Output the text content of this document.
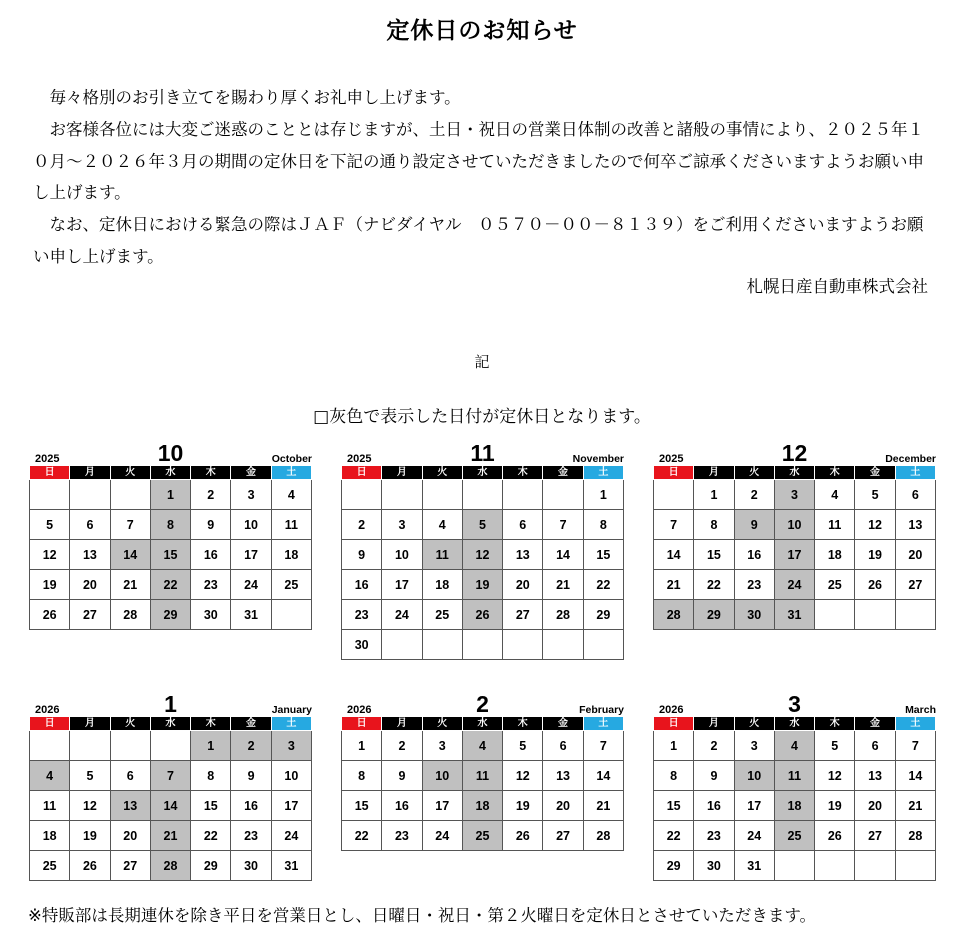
定休日のお知らせ
　毎々格別のお引き立てを賜わり厚くお礼申し上げます。
　お客様各位には大変ご迷惑のこととは存じますが、土日・祝日の営業日体制の改善と諸般の事情により、２０２５年１０月～２０２６年３月の期間の定休日を下記の通り設定させていただきましたので何卒ご諒承くださいますようお願い申し上げます。
　なお、定休日における緊急の際はＪＡＦ（ナビダイヤル　０５７０－００－８１３９）をご利用くださいますようお願い申し上げます。
札幌日産自動車株式会社
記
□灰色で表示した日付が定休日となります。
2025	10	October
日	月	火	水	木	金	土
			1	2	3	4
5	6	7	8	9	10	11
12	13	14	15	16	17	18
19	20	21	22	23	24	25
26	27	28	29	30	31	
2025	11	November
日	月	火	水	木	金	土
						1
2	3	4	5	6	7	8
9	10	11	12	13	14	15
16	17	18	19	20	21	22
23	24	25	26	27	28	29
30						
2025	12	December
日	月	火	水	木	金	土
	1	2	3	4	5	6
7	8	9	10	11	12	13
14	15	16	17	18	19	20
21	22	23	24	25	26	27
28	29	30	31			
2026	1	January
日	月	火	水	木	金	土
				1	2	3
4	5	6	7	8	9	10
11	12	13	14	15	16	17
18	19	20	21	22	23	24
25	26	27	28	29	30	31
2026	2	February
日	月	火	水	木	金	土
1	2	3	4	5	6	7
8	9	10	11	12	13	14
15	16	17	18	19	20	21
22	23	24	25	26	27	28
2026	3	March
日	月	火	水	木	金	土
1	2	3	4	5	6	7
8	9	10	11	12	13	14
15	16	17	18	19	20	21
22	23	24	25	26	27	28
29	30	31				
※特販部は長期連休を除き平日を営業日とし、日曜日・祝日・第２火曜日を定休日とさせていただきます。
